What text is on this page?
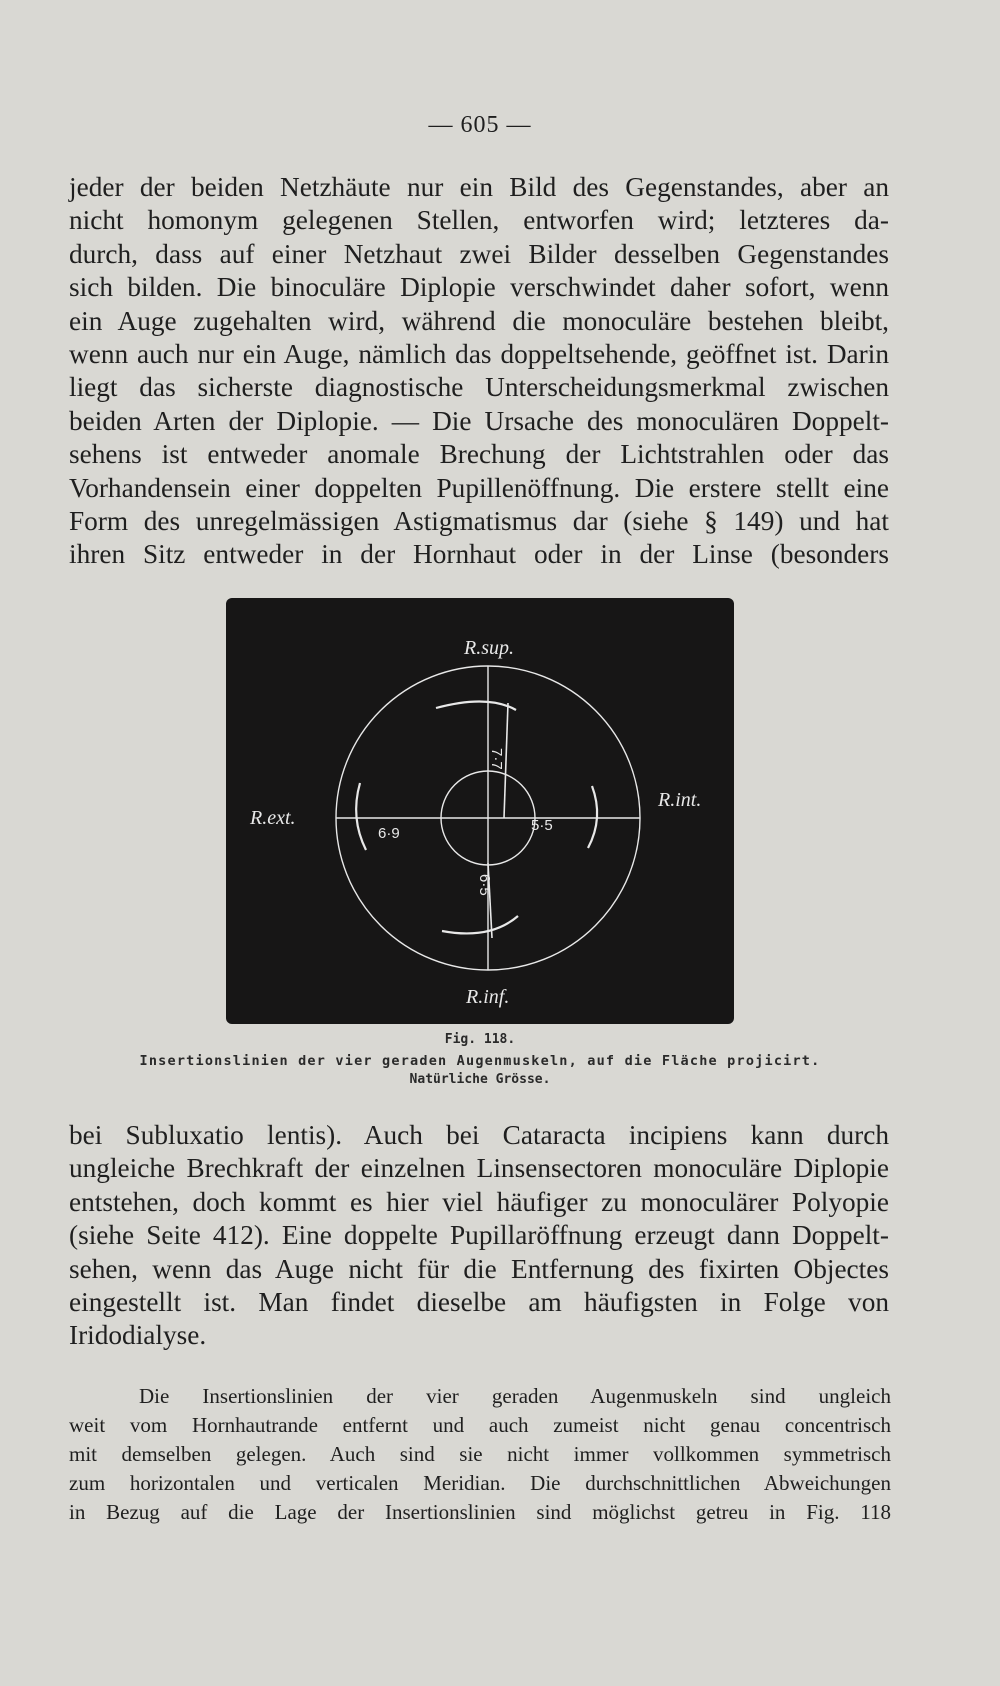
— 605 —
jeder der beiden Netzhäute nur ein Bild des Gegenstandes, aber an
nicht homonym gelegenen Stellen, entworfen wird; letzteres da-
durch, dass auf einer Netzhaut zwei Bilder desselben Gegenstandes
sich bilden. Die binoculäre Diplopie verschwindet daher sofort, wenn
ein Auge zugehalten wird, während die monoculäre bestehen bleibt,
wenn auch nur ein Auge, nämlich das doppeltsehende, geöffnet ist. Darin
liegt das sicherste diagnostische Unterscheidungsmerkmal zwischen
beiden Arten der Diplopie. — Die Ursache des monoculären Doppelt-
sehens ist entweder anomale Brechung der Lichtstrahlen oder das
Vorhandensein einer doppelten Pupillenöffnung. Die erstere stellt eine
Form des unregelmässigen Astigmatismus dar (siehe § 149) und hat
ihren Sitz entweder in der Hornhaut oder in der Linse (besonders
R.sup.
R.ext.
R.int.
R.inf.
7·7
6·9	5·5
6·5
Fig. 118.
Insertionslinien der vier geraden Augenmuskeln, auf die Fläche projicirt.
Natürliche Grösse.
bei Subluxatio lentis). Auch bei Cataracta incipiens kann durch
ungleiche Brechkraft der einzelnen Linsensectoren monoculäre Diplopie
entstehen, doch kommt es hier viel häufiger zu monoculärer Polyopie
(siehe Seite 412). Eine doppelte Pupillaröffnung erzeugt dann Doppelt-
sehen, wenn das Auge nicht für die Entfernung des fixirten Objectes
eingestellt ist. Man findet dieselbe am häufigsten in Folge von
Iridodialyse.
Die Insertionslinien der vier geraden Augenmuskeln sind ungleich
weit vom Hornhautrande entfernt und auch zumeist nicht genau concentrisch
mit demselben gelegen. Auch sind sie nicht immer vollkommen symmetrisch
zum horizontalen und verticalen Meridian. Die durchschnittlichen Abweichungen
in Bezug auf die Lage der Insertionslinien sind möglichst getreu in Fig. 118
